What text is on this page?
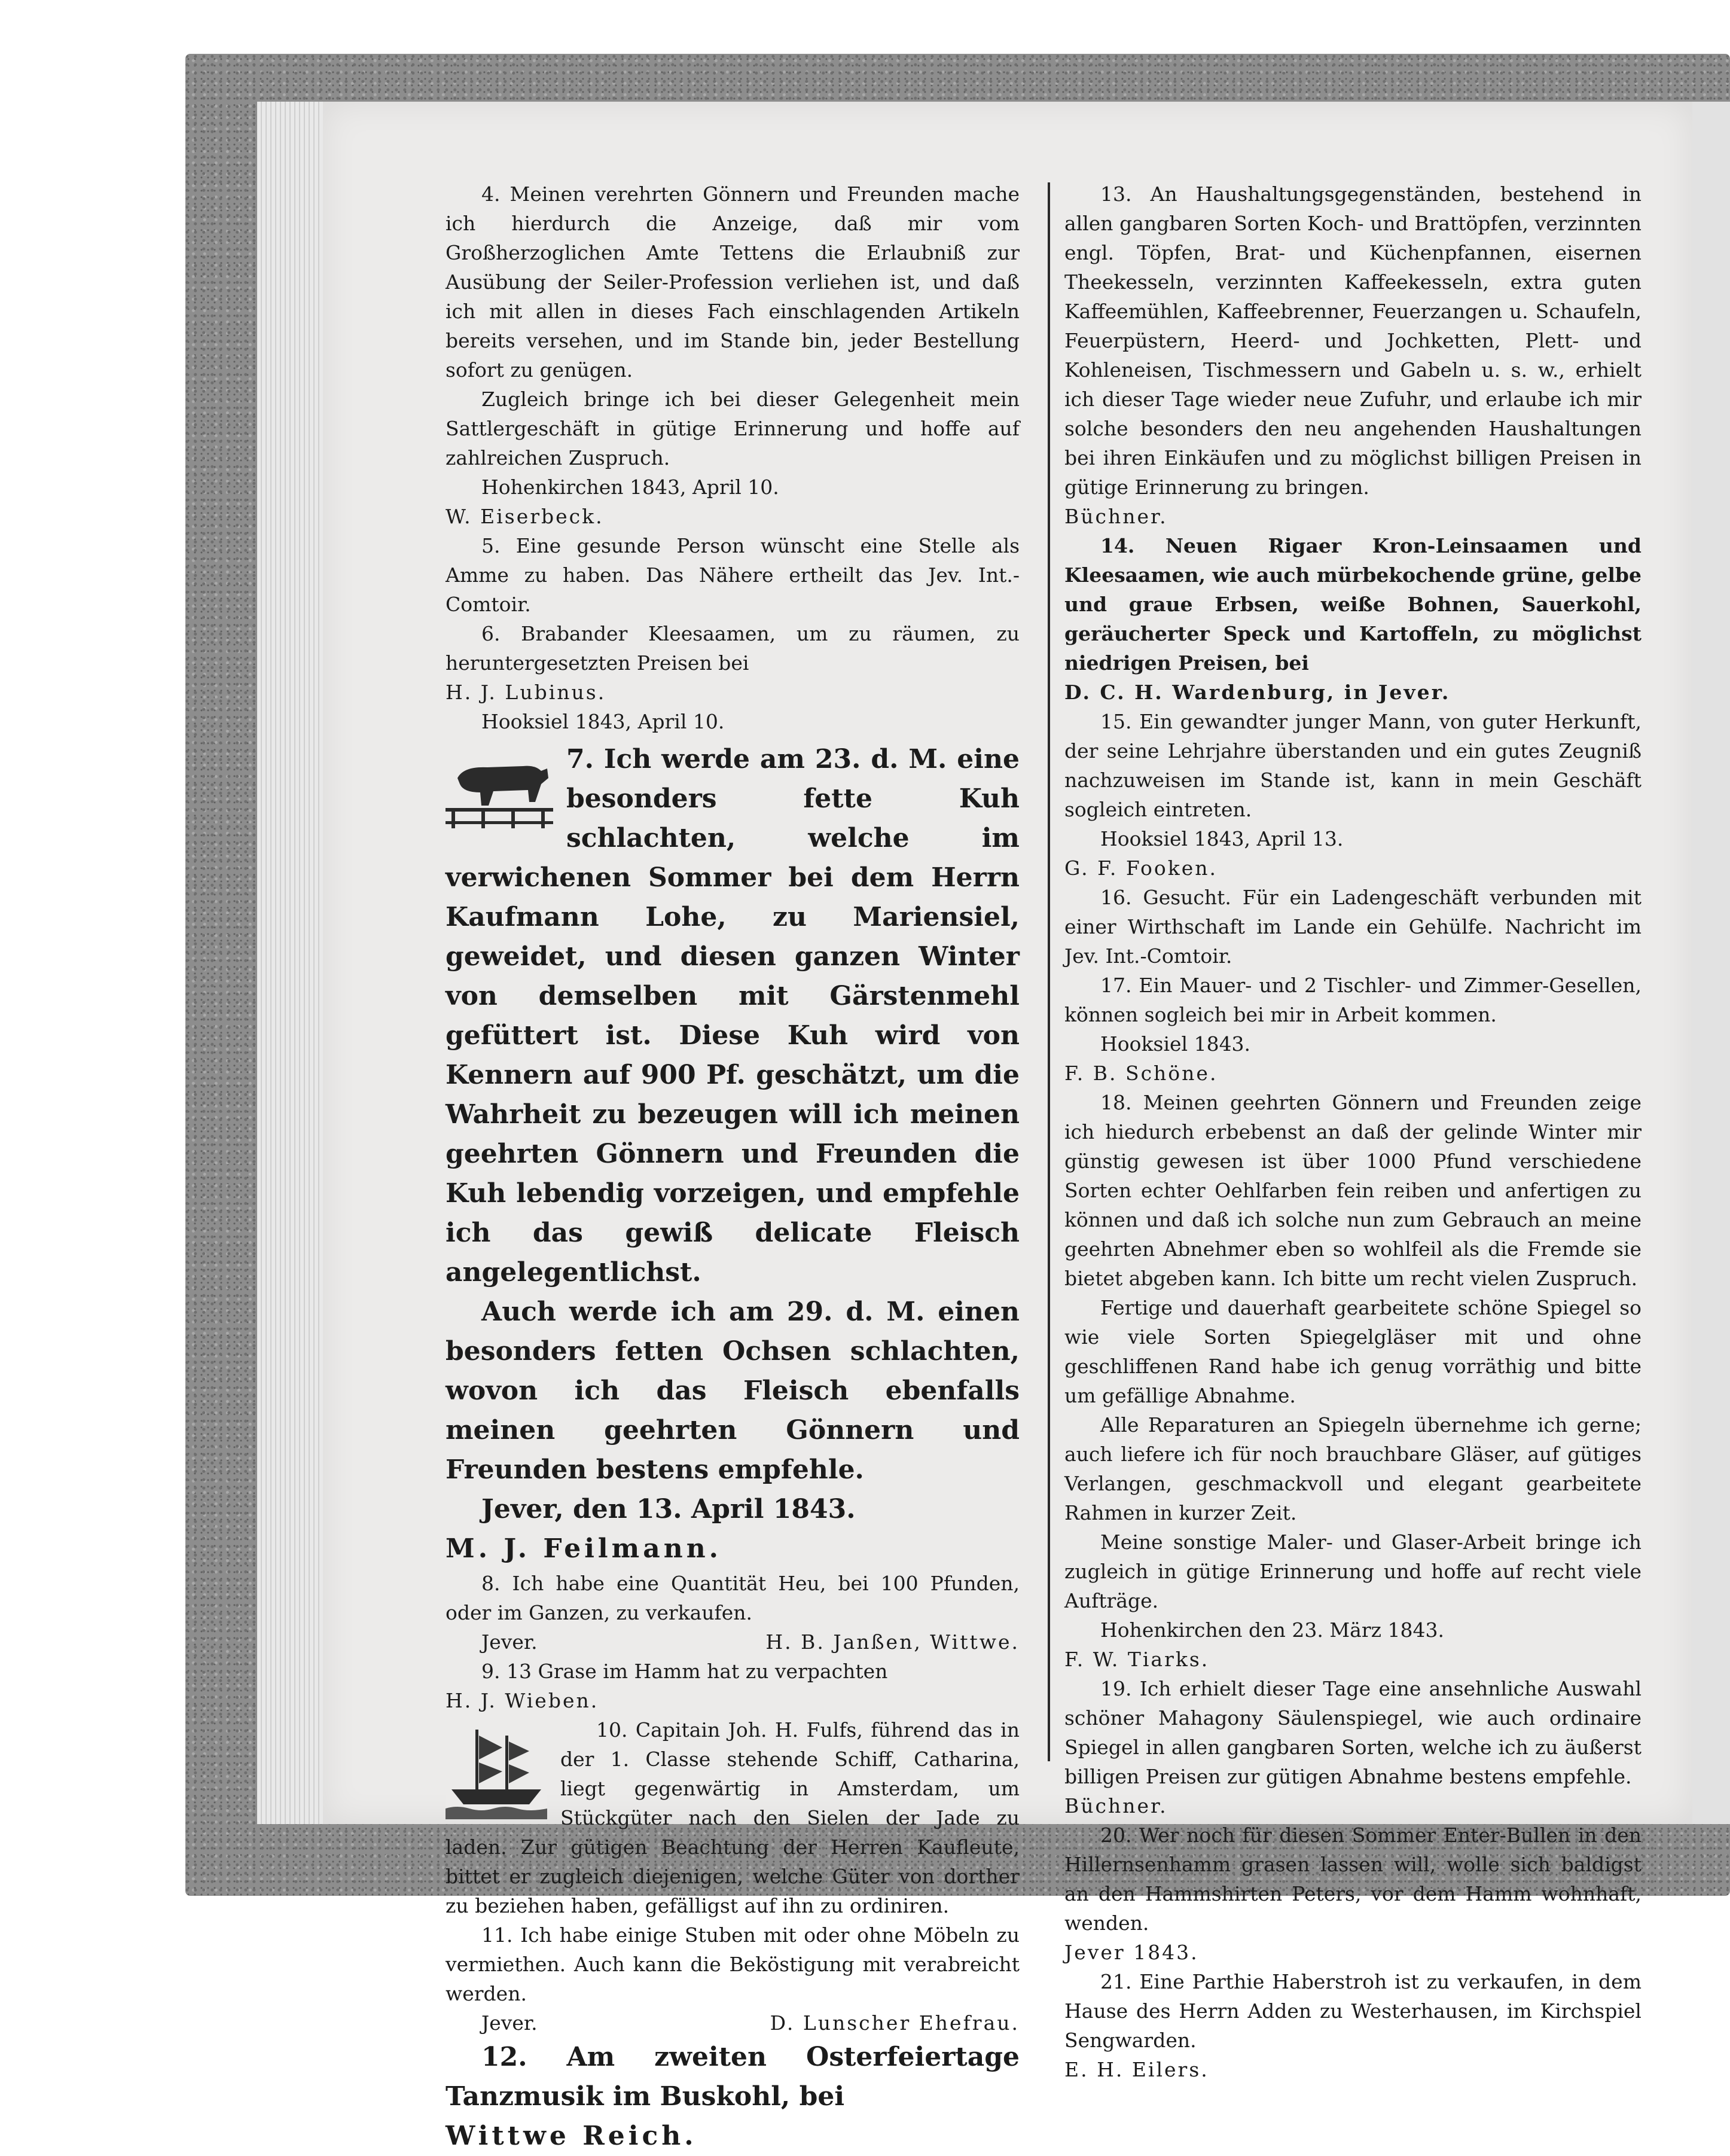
4. Meinen verehrten Gönnern und Freunden mache ich hierdurch die Anzeige, daß mir vom Großherzoglichen Amte Tettens die Erlaubniß zur Ausübung der Seiler-Profession verliehen ist, und daß ich mit allen in dieses Fach einschlagenden Artikeln bereits versehen, und im Stande bin, jeder Bestellung sofort zu genügen.

Zugleich bringe ich bei dieser Gelegenheit mein Sattlergeschäft in gütige Erinnerung und hoffe auf zahlreichen Zuspruch.

Hohenkirchen 1843, April 10.

W. Eiserbeck.

5. Eine gesunde Person wünscht eine Stelle als Amme zu haben. Das Nähere ertheilt das Jev. Int.-Comtoir.

6. Brabander Kleesaamen, um zu räumen, zu heruntergesetzten Preisen bei

H. J. Lubinus.

Hooksiel 1843, April 10.

7. Ich werde am 23. d. M. eine besonders fette Kuh schlachten, welche im verwichenen Sommer bei dem Herrn Kaufmann Lohe, zu Mariensiel, geweidet, und diesen ganzen Winter von demselben mit Gärstenmehl gefüttert ist. Diese Kuh wird von Kennern auf 900 Pf. geschätzt, um die Wahrheit zu bezeugen will ich meinen geehrten Gönnern und Freunden die Kuh lebendig vorzeigen, und empfehle ich das gewiß delicate Fleisch angelegentlichst.

Auch werde ich am 29. d. M. einen besonders fetten Ochsen schlachten, wovon ich das Fleisch ebenfalls meinen geehrten Gönnern und Freunden bestens empfehle.

Jever, den 13. April 1843.

M. J. Feilmann.

8. Ich habe eine Quantität Heu, bei 100 Pfunden, oder im Ganzen, zu verkaufen.

Jever.	H. B. Janßen, Wittwe.

9. 13 Grase im Hamm hat zu verpachten

H. J. Wieben.

10. Capitain Joh. H. Fulfs, führend das in der 1. Classe stehende Schiff, Catharina, liegt gegenwärtig in Amsterdam, um Stückgüter nach den Sielen der Jade zu laden. Zur gütigen Beachtung der Herren Kaufleute, bittet er zugleich diejenigen, welche Güter von dorther zu beziehen haben, gefälligst auf ihn zu ordiniren.

11. Ich habe einige Stuben mit oder ohne Möbeln zu vermiethen. Auch kann die Beköstigung mit verabreicht werden.

Jever.	D. Lunscher Ehefrau.

12. Am zweiten Osterfeiertage Tanzmusik im Buskohl, bei

Wittwe Reich.

13. An Haushaltungsgegenständen, bestehend in allen gangbaren Sorten Koch- und Brattöpfen, verzinnten engl. Töpfen, Brat- und Küchenpfannen, eisernen Theekesseln, verzinnten Kaffeekesseln, extra guten Kaffeemühlen, Kaffeebrenner, Feuerzangen u. Schaufeln, Feuerpüstern, Heerd- und Jochketten, Plett- und Kohleneisen, Tischmessern und Gabeln u. s. w., erhielt ich dieser Tage wieder neue Zufuhr, und erlaube ich mir solche besonders den neu angehenden Haushaltungen bei ihren Einkäufen und zu möglichst billigen Preisen in gütige Erinnerung zu bringen.

Büchner.

14. Neuen Rigaer Kron-Leinsaamen und Kleesaamen, wie auch mürbekochende grüne, gelbe und graue Erbsen, weiße Bohnen, Sauerkohl, geräucherter Speck und Kartoffeln, zu möglichst niedrigen Preisen, bei

D. C. H. Wardenburg, in Jever.

15. Ein gewandter junger Mann, von guter Herkunft, der seine Lehrjahre überstanden und ein gutes Zeugniß nachzuweisen im Stande ist, kann in mein Geschäft sogleich eintreten.

Hooksiel 1843, April 13.

G. F. Fooken.

16. Gesucht. Für ein Ladengeschäft verbunden mit einer Wirthschaft im Lande ein Gehülfe. Nachricht im Jev. Int.-Comtoir.

17. Ein Mauer- und 2 Tischler- und Zimmer-Gesellen, können sogleich bei mir in Arbeit kommen.

Hooksiel 1843.

F. B. Schöne.

18. Meinen geehrten Gönnern und Freunden zeige ich hiedurch erbebenst an daß der gelinde Winter mir günstig gewesen ist über 1000 Pfund verschiedene Sorten echter Oehlfarben fein reiben und anfertigen zu können und daß ich solche nun zum Gebrauch an meine geehrten Abnehmer eben so wohlfeil als die Fremde sie bietet abgeben kann. Ich bitte um recht vielen Zuspruch.

Fertige und dauerhaft gearbeitete schöne Spiegel so wie viele Sorten Spiegelgläser mit und ohne geschliffenen Rand habe ich genug vorräthig und bitte um gefällige Abnahme.

Alle Reparaturen an Spiegeln übernehme ich gerne; auch liefere ich für noch brauchbare Gläser, auf gütiges Verlangen, geschmackvoll und elegant gearbeitete Rahmen in kurzer Zeit.

Meine sonstige Maler- und Glaser-Arbeit bringe ich zugleich in gütige Erinnerung und hoffe auf recht viele Aufträge.

Hohenkirchen den 23. März 1843.

F. W. Tiarks.

19. Ich erhielt dieser Tage eine ansehnliche Auswahl schöner Mahagony Säulenspiegel, wie auch ordinaire Spiegel in allen gangbaren Sorten, welche ich zu äußerst billigen Preisen zur gütigen Abnahme bestens empfehle.

Büchner.

20. Wer noch für diesen Sommer Enter-Bullen in den Hillernsenhamm grasen lassen will, wolle sich baldigst an den Hammshirten Peters, vor dem Hamm wohnhaft, wenden.

Jever 1843.

21. Eine Parthie Haberstroh ist zu verkaufen, in dem Hause des Herrn Adden zu Westerhausen, im Kirchspiel Sengwarden.

E. H. Eilers.
